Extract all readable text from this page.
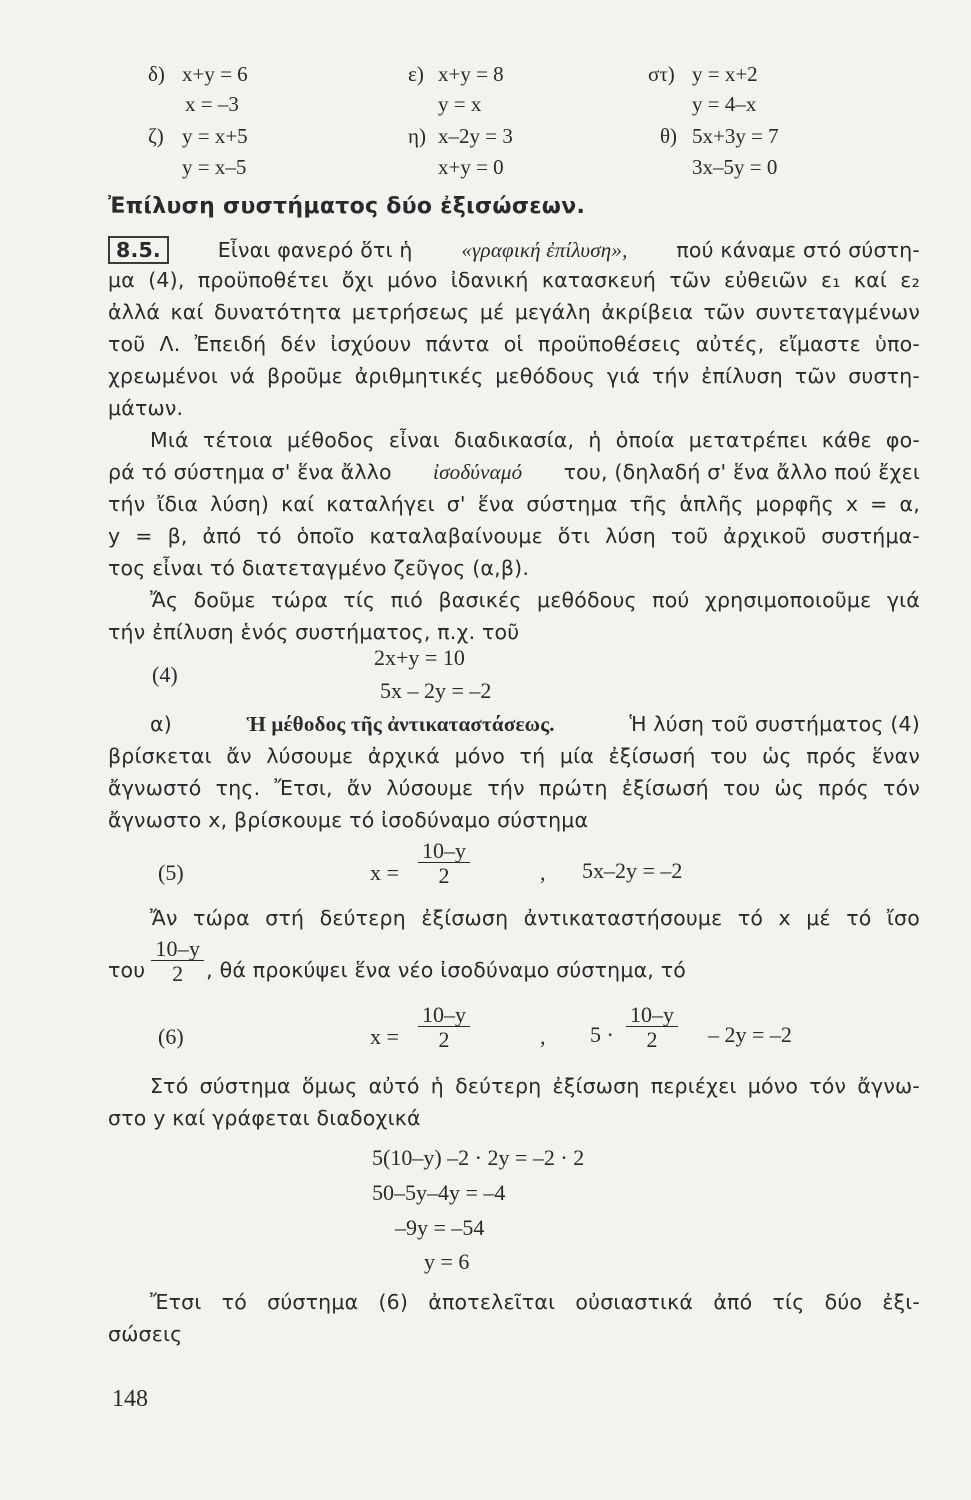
δ) x+y = 6
x = –3
ε) x+y = 8
y = x
στ) y = x+2
y = 4–x
ζ) y = x+5
y = x–5
η) x–2y = 3
x+y = 0
θ) 5x+3y = 7
3x–5y = 0
Ἐπίλυση συστήματος δύο ἐξισώσεων.
8.5.	Εἶναι φανερό ὅτι ἡ «γραφική ἐπίλυση», πού κάναμε στό σύστη-
μα (4), προϋποθέτει ὄχι μόνο ἰδανική κατασκευή τῶν εὐθειῶν ε₁ καί ε₂
ἀλλά καί δυνατότητα μετρήσεως μέ μεγάλη ἀκρίβεια τῶν συντεταγμένων
τοῦ Λ. Ἐπειδή δέν ἰσχύουν πάντα οἱ προϋποθέσεις αὐτές, εἴμαστε ὑπο-
χρεωμένοι νά βροῦμε ἀριθμητικές μεθόδους γιά τήν ἐπίλυση τῶν συστη-
μάτων.
Μιά τέτοια μέθοδος εἶναι διαδικασία, ἡ ὁποία μετατρέπει κάθε φο-
ρά τό σύστημα σ' ἕνα ἄλλο ἰσοδύναμό του, (δηλαδή σ' ἕνα ἄλλο πού ἔχει
τήν ἴδια λύση) καί καταλήγει σ' ἕνα σύστημα τῆς ἁπλῆς μορφῆς x = α,
y = β, ἀπό τό ὁποῖο καταλαβαίνουμε ὅτι λύση τοῦ ἀρχικοῦ συστήμα-
τος εἶναι τό διατεταγμένο ζεῦγος (α,β).
Ἄς δοῦμε τώρα τίς πιό βασικές μεθόδους πού χρησιμοποιοῦμε γιά
τήν ἐπίλυση ἑνός συστήματος, π.χ. τοῦ
(4)
2x+y = 10
5x – 2y = –2
α)	Ἡ μέθοδος τῆς ἀντικαταστάσεως.	Ἡ λύση τοῦ συστήματος (4)
βρίσκεται ἄν λύσουμε ἀρχικά μόνο τή μία ἐξίσωσή του ὡς πρός ἕναν
ἄγνωστό της. Ἔτσι, ἄν λύσουμε τήν πρώτη ἐξίσωσή του ὡς πρός τόν
ἄγνωστο x, βρίσκουμε τό ἰσοδύναμο σύστημα
(5)	$x = \frac{10-y}{2}$	, 5x–2y = –2
Ἄν τώρα στή δεύτερη ἐξίσωση ἀντικαταστήσουμε τό x μέ τό ἴσο
του $\frac{10-y}{2}$ , θά προκύψει ἕνα νέο ἰσοδύναμο σύστημα, τό
(6)	$x = \frac{10-y}{2}$	, $5 \cdot \frac{10-y}{2} - 2y = -2$
Στό σύστημα ὅμως αὐτό ἡ δεύτερη ἐξίσωση περιέχει μόνο τόν ἄγνω-
στο y καί γράφεται διαδοχικά
5(10–y) –2 · 2y = –2 · 2
50–5y–4y = –4
–9y = –54
y = 6
Ἔτσι τό σύστημα (6) ἀποτελεῖται οὐσιαστικά ἀπό τίς δύο ἐξι-
σώσεις
148
